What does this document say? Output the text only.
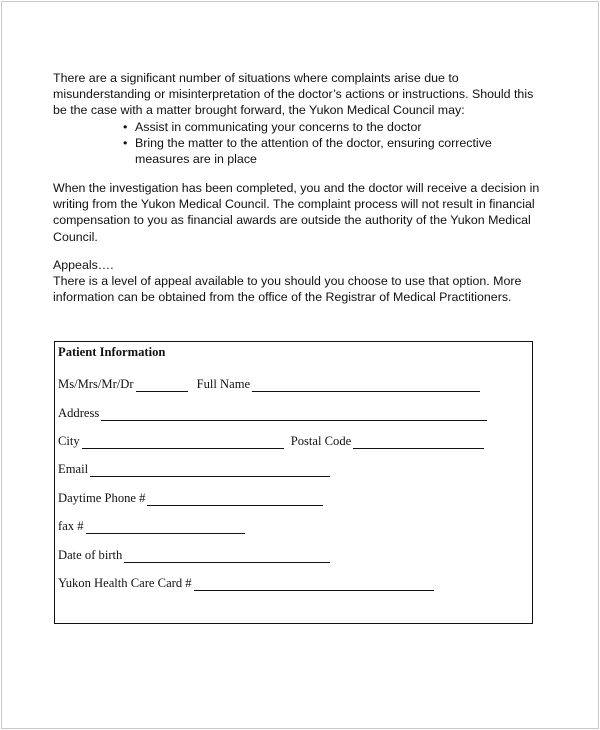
There are a significant number of situations where complaints arise due to
misunderstanding or misinterpretation of the doctor’s actions or instructions. Should this
be the case with a matter brought forward, the Yukon Medical Council may:
• Assist in communicating your concerns to the doctor
• Bring the matter to the attention of the doctor, ensuring corrective
measures are in place
When the investigation has been completed, you and the doctor will receive a decision in
writing from the Yukon Medical Council. The complaint process will not result in financial
compensation to you as financial awards are outside the authority of the Yukon Medical
Council.
Appeals….
There is a level of appeal available to you should you choose to use that option. More
information can be obtained from the office of the Registrar of Medical Practitioners.
Patient Information
Ms/Mrs/Mr/Dr	Full Name
Address
City	Postal Code
Email
Daytime Phone #
fax #
Date of birth
Yukon Health Care Card #
